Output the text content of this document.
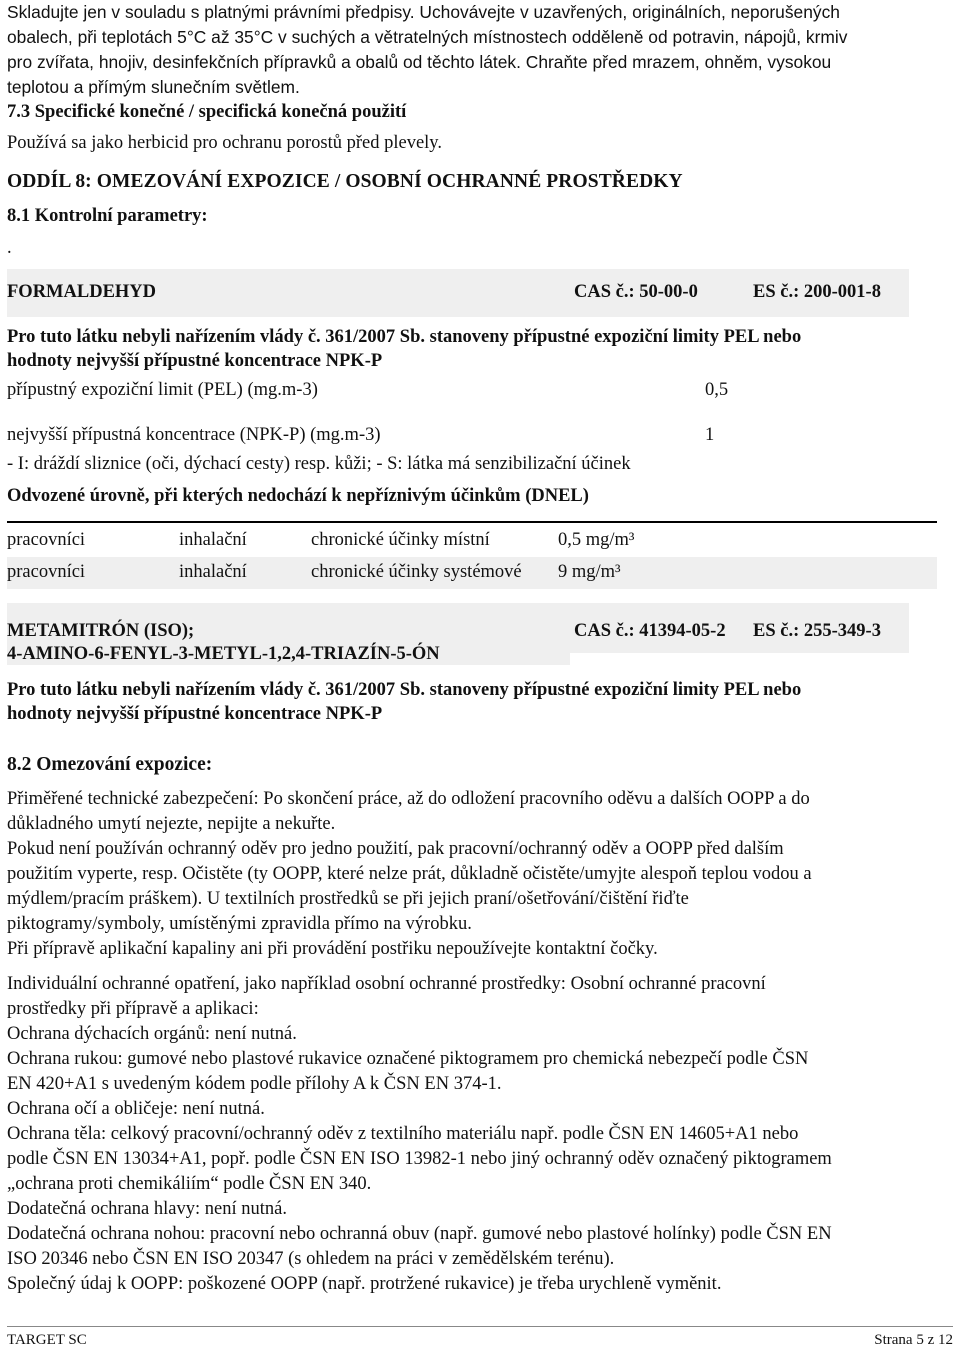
Skladujte jen v souladu s platnými právními předpisy. Uchovávejte v uzavřených, originálních, neporušených

obalech, při teplotách 5°C až 35°C v suchých a větratelných místnostech odděleně od potravin, nápojů, krmiv

pro zvířata, hnojiv, desinfekčních přípravků a obalů od těchto látek. Chraňte před mrazem, ohněm, vysokou

teplotou a přímým slunečním světlem.

7.3 Specifické konečné / specifická konečná použití

Používá sa jako herbicid pro ochranu porostů před plevely.

ODDÍL 8: OMEZOVÁNÍ EXPOZICE / OSOBNÍ OCHRANNÉ PROSTŘEDKY

8.1 Kontrolní parametry:

.

FORMALDEHYD	CAS č.: 50-00-0	ES č.: 200-001-8

Pro tuto látku nebyli nařízením vlády č. 361/2007 Sb. stanoveny přípustné expoziční limity PEL nebo

hodnoty nejvyšší přípustné koncentrace NPK-P

přípustný expoziční limit (PEL) (mg.m-3)	0,5
nejvyšší přípustná koncentrace (NPK-P) (mg.m-3)	1

- I: dráždí sliznice (oči, dýchací cesty) resp. kůži; - S: látka má senzibilizační účinek

Odvozené úrovně, při kterých nedochází k nepříznivým účinkům (DNEL)

pracovníci	inhalační	chronické účinky místní	0,5 mg/m³
pracovníci	inhalační	chronické účinky systémové 9 mg/m³
METAMITRÓN (ISO);
4-AMINO-6-FENYL-3-METYL-1,2,4-TRIAZÍN-5-ÓN
CAS č.: 41394-05-2 ES č.: 255-349-3

Pro tuto látku nebyli nařízením vlády č. 361/2007 Sb. stanoveny přípustné expoziční limity PEL nebo

hodnoty nejvyšší přípustné koncentrace NPK-P

8.2 Omezování expozice:

Přiměřené technické zabezpečení: Po skončení práce, až do odložení pracovního oděvu a dalších OOPP a do

důkladného umytí nejezte, nepijte a nekuřte.

Pokud není používán ochranný oděv pro jedno použití, pak pracovní/ochranný oděv a OOPP před dalším

použitím vyperte, resp. Očistěte (ty OOPP, které nelze prát, důkladně očistěte/umyjte alespoň teplou vodou a

mýdlem/pracím práškem). U textilních prostředků se při jejich praní/ošetřování/čištění řiďte

piktogramy/symboly, umístěnými zpravidla přímo na výrobku.

Při přípravě aplikační kapaliny ani při provádění postřiku nepoužívejte kontaktní čočky.

Individuální ochranné opatření, jako například osobní ochranné prostředky: Osobní ochranné pracovní

prostředky při přípravě a aplikaci:

Ochrana dýchacích orgánů: není nutná.

Ochrana rukou: gumové nebo plastové rukavice označené piktogramem pro chemická nebezpečí podle ČSN

EN 420+A1 s uvedeným kódem podle přílohy A k ČSN EN 374-1.

Ochrana očí a obličeje: není nutná.

Ochrana těla: celkový pracovní/ochranný oděv z textilního materiálu např. podle ČSN EN 14605+A1 nebo

podle ČSN EN 13034+A1, popř. podle ČSN EN ISO 13982-1 nebo jiný ochranný oděv označený piktogramem

„ochrana proti chemikáliím“ podle ČSN EN 340.

Dodatečná ochrana hlavy: není nutná.

Dodatečná ochrana nohou: pracovní nebo ochranná obuv (např. gumové nebo plastové holínky) podle ČSN EN

ISO 20346 nebo ČSN EN ISO 20347 (s ohledem na práci v zemědělském terénu).

Společný údaj k OOPP: poškozené OOPP (např. protržené rukavice) je třeba urychleně vyměnit.

TARGET SC	Strana 5 z 12
